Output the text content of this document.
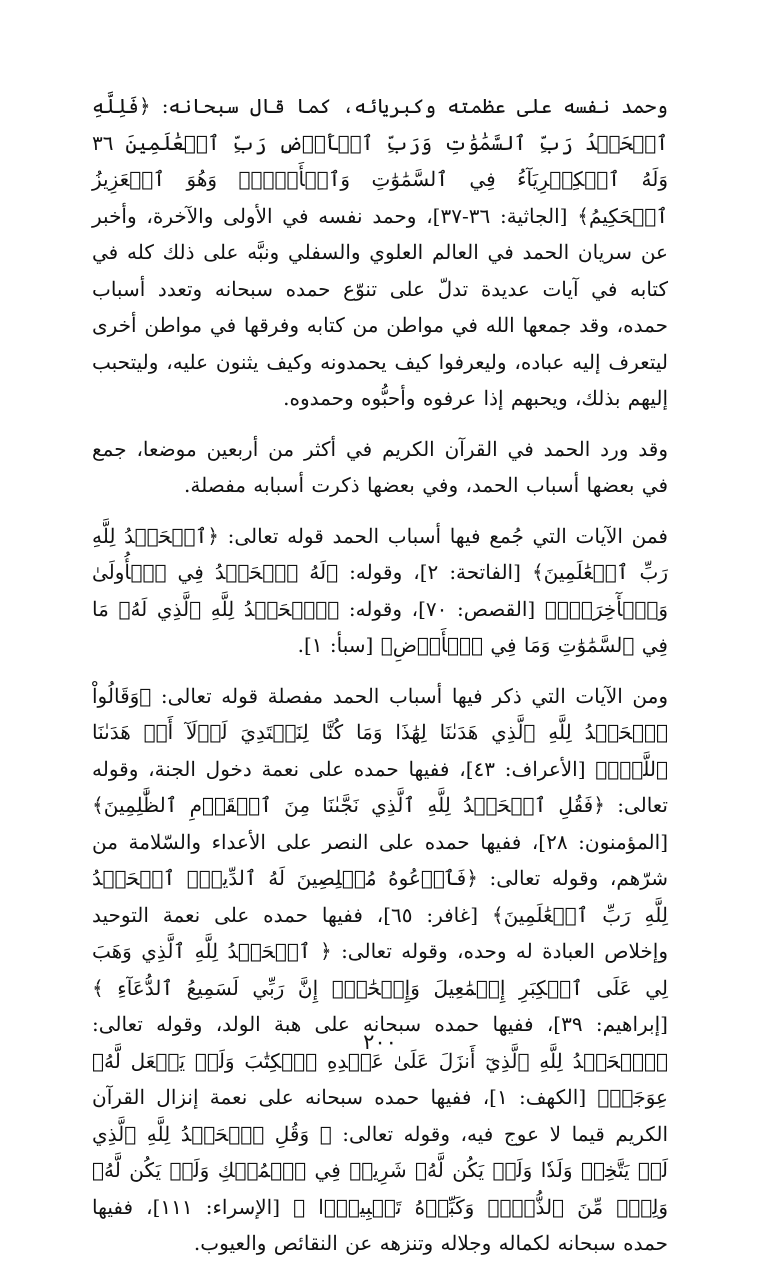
وحمد نفسه على عظمته وكبريائه، كما قال سبحانه: ﴿فَلِلَّهِ ٱلۡحَمۡدُ رَبِّ ٱلسَّمَٰوَٰتِ وَرَبِّ ٱلۡأَرۡضِ رَبِّ ٱلۡعَٰلَمِينَ ٣٦ وَلَهُ ٱلۡكِبۡرِيَآءُ فِي ٱلسَّمَٰوَٰتِ وَٱلۡأَرۡضِۖ وَهُوَ ٱلۡعَزِيزُ ٱلۡحَكِيمُ﴾ [الجاثية: ٣٦-٣٧]، وحمد نفسه في الأولى والآخرة، وأخبر عن سريان الحمد في العالم العلوي والسفلي ونبَّه على ذلك كله في كتابه في آيات عديدة تدلّ على تنوّع حمده سبحانه وتعدد أسباب حمده، وقد جمعها الله في مواطن من كتابه وفرقها في مواطن أخرى ليتعرف إليه عباده، وليعرفوا كيف يحمدونه وكيف يثنون عليه، وليتحبب إليهم بذلك، ويحبهم إذا عرفوه وأحبُّوه وحمدوه.

وقد ورد الحمد في القرآن الكريم في أكثر من أربعين موضعا، جمع في بعضها أسباب الحمد، وفي بعضها ذكرت أسبابه مفصلة.

فمن الآيات التي جُمع فيها أسباب الحمد قوله تعالى: ﴿ٱلۡحَمۡدُ لِلَّهِ رَبِّ ٱلۡعَٰلَمِينَ﴾ [الفاتحة: ٢]، وقوله: ﴿لَهُ ٱلۡحَمۡدُ فِي ٱلۡأُولَىٰ وَٱلۡأٓخِرَةِۖ﴾ [القصص: ٧٠]، وقوله: ﴿ٱلۡحَمۡدُ لِلَّهِ ٱلَّذِي لَهُۥ مَا فِي ٱلسَّمَٰوَٰتِ وَمَا فِي ٱلۡأَرۡضِ﴾ [سبأ: ١].

ومن الآيات التي ذكر فيها أسباب الحمد مفصلة قوله تعالى: ﴿وَقَالُواْ ٱلۡحَمۡدُ لِلَّهِ ٱلَّذِي هَدَىٰنَا لِهَٰذَا وَمَا كُنَّا لِنَهۡتَدِيَ لَوۡلَآ أَنۡ هَدَىٰنَا ٱللَّهُۖ﴾ [الأعراف: ٤٣]، ففيها حمده على نعمة دخول الجنة، وقوله تعالى: ﴿فَقُلِ ٱلۡحَمۡدُ لِلَّهِ ٱلَّذِي نَجَّىٰنَا مِنَ ٱلۡقَوۡمِ ٱلظَّٰلِمِينَ﴾ [المؤمنون: ٢٨]، ففيها حمده على النصر على الأعداء والسّلامة من شرّهم، وقوله تعالى: ﴿فَٱدۡعُوهُ مُخۡلِصِينَ لَهُ ٱلدِّينَۗ ٱلۡحَمۡدُ لِلَّهِ رَبِّ ٱلۡعَٰلَمِينَ﴾ [غافر: ٦٥]، ففيها حمده على نعمة التوحيد وإخلاص العبادة له وحده، وقوله تعالى: ﴿ ٱلۡحَمۡدُ لِلَّهِ ٱلَّذِي وَهَبَ لِي عَلَى ٱلۡكِبَرِ إِسۡمَٰعِيلَ وَإِسۡحَٰقَۚ إِنَّ رَبِّي لَسَمِيعُ ٱلدُّعَآءِ ﴾ [إبراهيم: ٣٩]، ففيها حمده سبحانه على هبة الولد، وقوله تعالى: ﴿ٱلۡحَمۡدُ لِلَّهِ ٱلَّذِيٓ أَنزَلَ عَلَىٰ عَبۡدِهِ ٱلۡكِتَٰبَ وَلَمۡ يَجۡعَل لَّهُۥ عِوَجَاۜ﴾ [الكهف: ١]، ففيها حمده سبحانه على نعمة إنزال القرآن الكريم قيما لا عوج فيه، وقوله تعالى: ﴿ وَقُلِ ٱلۡحَمۡدُ لِلَّهِ ٱلَّذِي لَمۡ يَتَّخِذۡ وَلَدٗا وَلَمۡ يَكُن لَّهُۥ شَرِيكٞ فِي ٱلۡمُلۡكِ وَلَمۡ يَكُن لَّهُۥ وَلِيّٞ مِّنَ ٱلذُّلِّۖ وَكَبِّرۡهُ تَكۡبِيرَۢا ﴾ [الإسراء: ١١١]، ففيها حمده سبحانه لكماله وجلاله وتنزهه عن النقائص والعيوب.

٢٠٠
